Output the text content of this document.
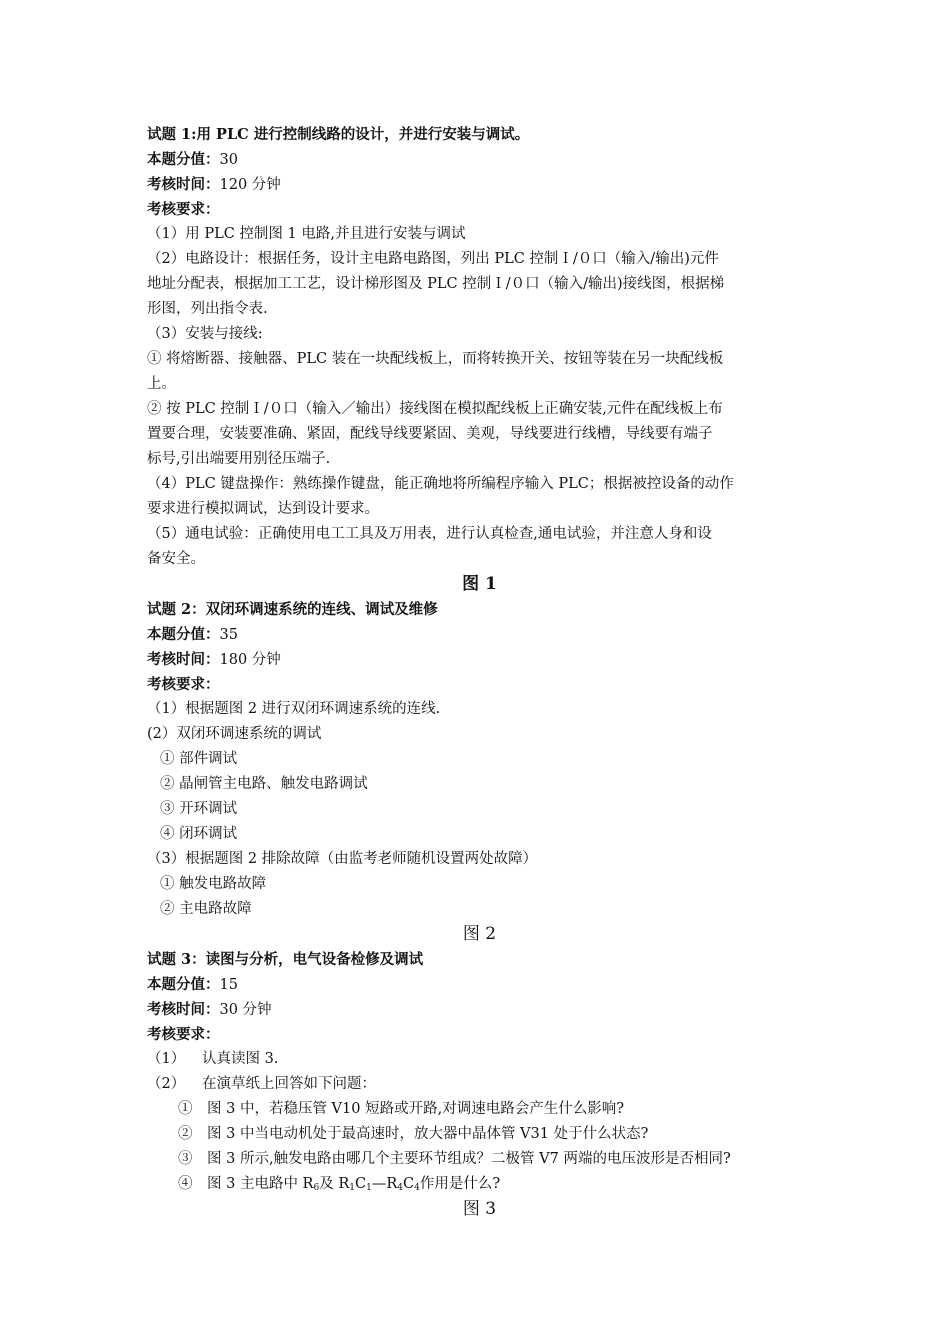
试题 1:用 PLC 进行控制线路的设计，并进行安装与调试。
本题分值：30
考核时间：120 分钟
考核要求：
（1）用 PLC 控制图 1 电路,并且进行安装与调试
（2）电路设计：根据任务，设计主电路电路图，列出 PLC 控制Ｉ/０口（输入/输出)元件
地址分配表，根据加工工艺，设计梯形图及 PLC 控制Ｉ/０口（输入/输出)接线图，根据梯
形图，列出指令表.
（3）安装与接线:
① 将熔断器、接触器、PLC 装在一块配线板上，而将转换开关、按钮等装在另一块配线板
上。
② 按 PLC 控制Ｉ/０口（输入／输出）接线图在模拟配线板上正确安装,元件在配线板上布
置要合理，安装要准确、紧固，配线导线要紧固、美观，导线要进行线槽，导线要有端子
标号,引出端要用别径压端子.
（4）PLC 键盘操作：熟练操作键盘，能正确地将所编程序输入 PLC；根据被控设备的动作
要求进行模拟调试，达到设计要求。
（5）通电试验：正确使用电工工具及万用表，进行认真检查,通电试验，并注意人身和设
备安全。
图 1
试题 2：双闭环调速系统的连线、调试及维修
本题分值：35
考核时间：180 分钟
考核要求：
（1）根据题图 2 进行双闭环调速系统的连线.
(2）双闭环调速系统的调试
① 部件调试
② 晶闸管主电路、触发电路调试
③ 开环调试
④ 闭环调试
（3）根据题图 2 排除故障（由监考老师随机设置两处故障）
① 触发电路故障
② 主电路故障
图 2
试题 3：读图与分析，电气设备检修及调试
本题分值：15
考核时间：30 分钟
考核要求：
（1） 认真读图 3.
（2） 在演草纸上回答如下问题：
①　图 3 中，若稳压管 V10 短路或开路,对调速电路会产生什么影响?
②　图 3 中当电动机处于最高速时，放大器中晶体管 V31 处于什么状态?
③　图 3 所示,触发电路由哪几个主要环节组成？二极管 V7 两端的电压波形是否相同?
④　图 3 主电路中 $R_6$及 $R_1C_1—R_4C_4$作用是什么?
图 3
